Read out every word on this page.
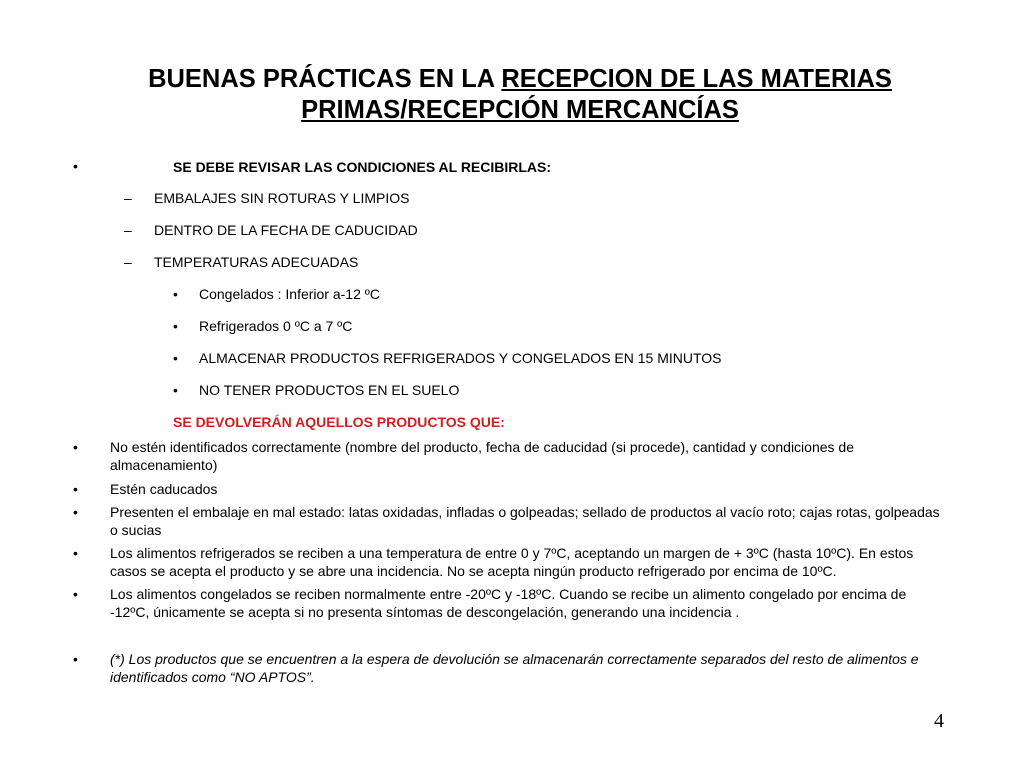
BUENAS PRÁCTICAS EN LA RECEPCION DE LAS MATERIAS
PRIMAS/RECEPCIÓN MERCANCÍAS
•	SE DEBE REVISAR LAS CONDICIONES AL RECIBIRLAS:
– EMBALAJES SIN ROTURAS Y LIMPIOS
– DENTRO DE LA FECHA DE CADUCIDAD
– TEMPERATURAS ADECUADAS
• Congelados : Inferior a-12 ºC
• Refrigerados 0 ºC a 7 ºC
• ALMACENAR PRODUCTOS REFRIGERADOS Y CONGELADOS EN 15 MINUTOS
• NO TENER PRODUCTOS EN EL SUELO
SE DEVOLVERÁN AQUELLOS PRODUCTOS QUE:
• No estén identificados correctamente (nombre del producto, fecha de caducidad (si procede), cantidad y condiciones de almacenamiento)
• Estén caducados
• Presenten el embalaje en mal estado: latas oxidadas, infladas o golpeadas; sellado de productos al vacío roto; cajas rotas, golpeadas o sucias
• Los alimentos refrigerados se reciben a una temperatura de entre 0 y 7ºC, aceptando un margen de + 3ºC (hasta 10ºC). En estos casos se acepta el producto y se abre una incidencia. No se acepta ningún producto refrigerado por encima de 10ºC.
• Los alimentos congelados se reciben normalmente entre -20ºC y -18ºC. Cuando se recibe un alimento congelado por encima de -12ºC, únicamente se acepta si no presenta síntomas de descongelación, generando una incidencia .
• (*) Los productos que se encuentren a la espera de devolución se almacenarán correctamente separados del resto de alimentos e identificados como “NO APTOS”.
4
